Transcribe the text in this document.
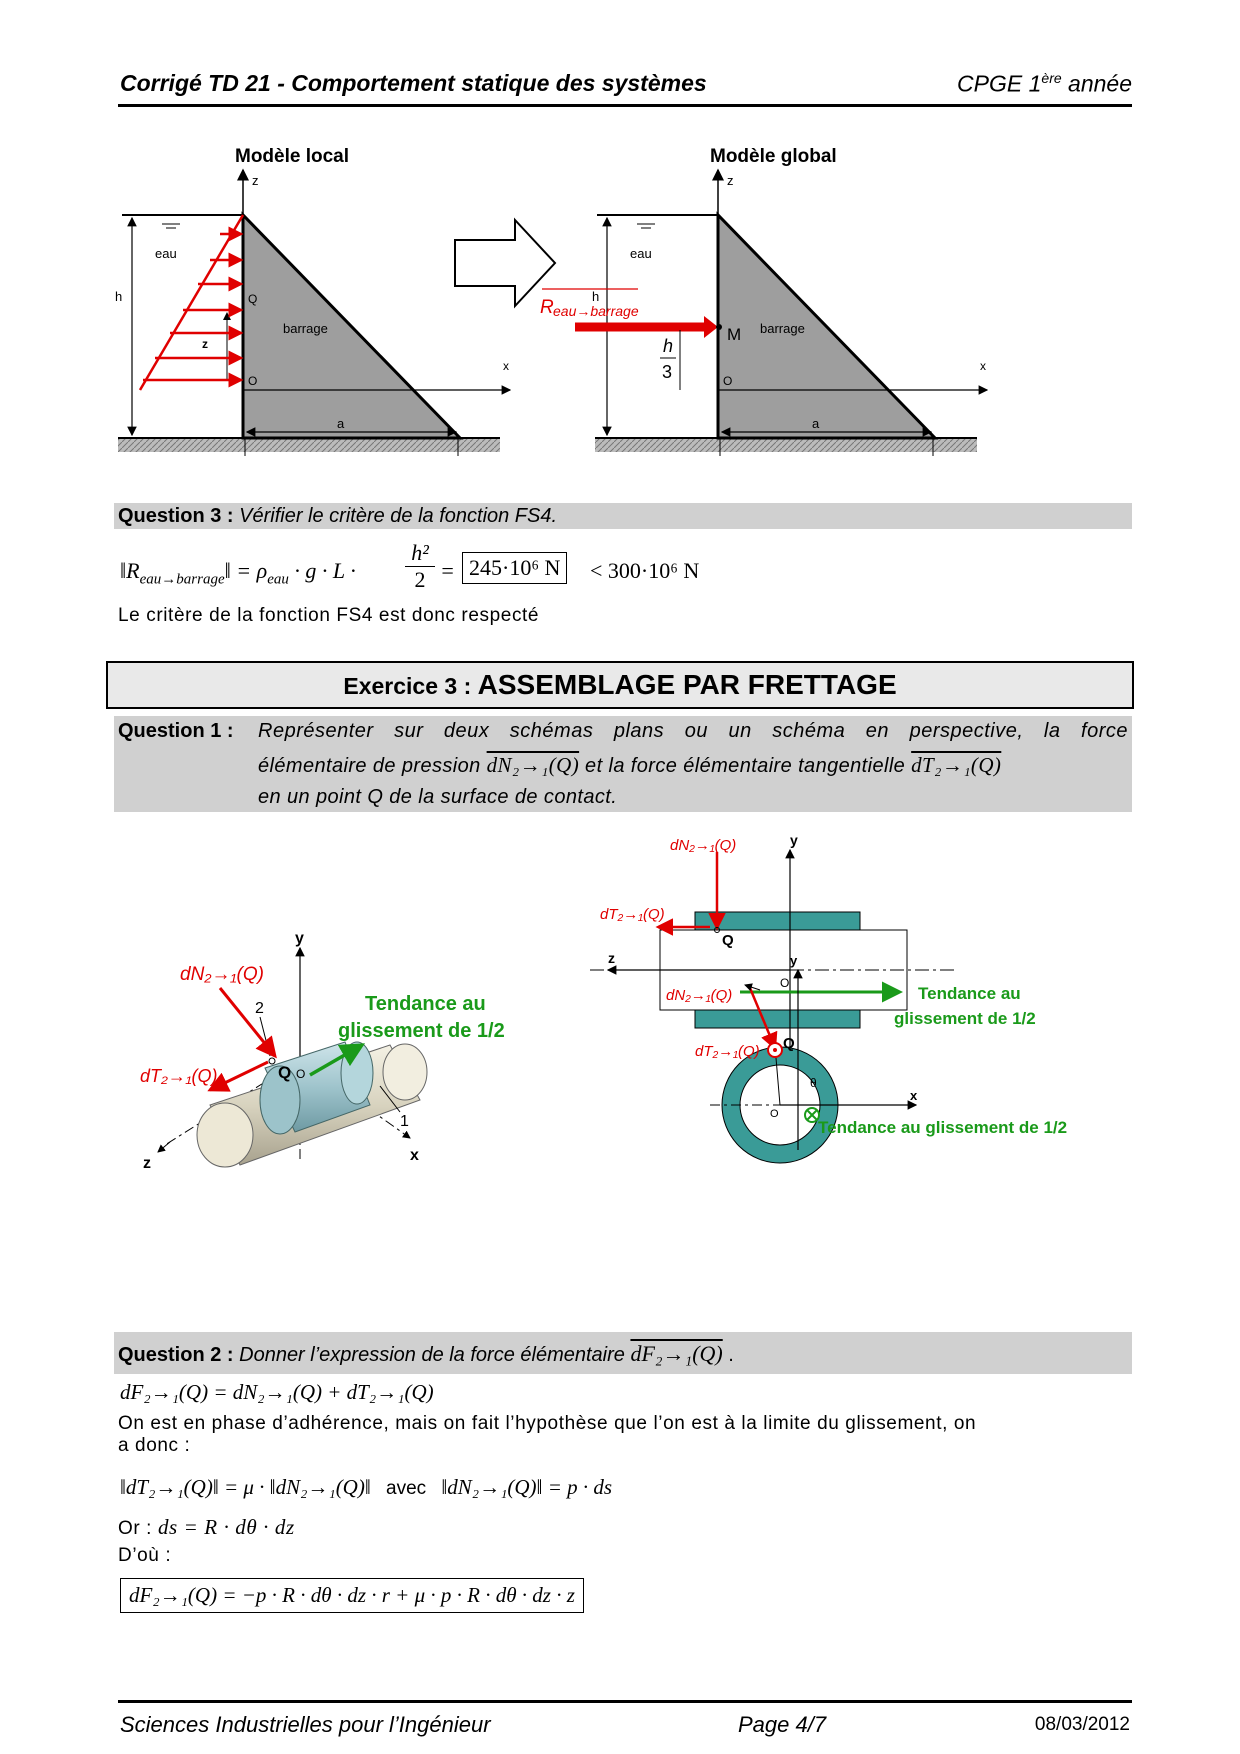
Corrigé TD 21 - Comportement statique des systèmes	CPGE 1ère année
Modèle local
z
eau
barrage
h
a
Q
O
z
x
Modèle global
z
eau
barrage
h
a
O
x
M
R eau→barrage
h
3
Question 3 : Vérifier le critère de la fonction FS4.
$‖R_{eau\to barrage}‖ = \rho_{eau} \cdot g \cdot L$ ·
h²
2 = 245·10⁶ N	< 300·10⁶ N
Le critère de la fonction FS4 est donc respecté
Exercice 3 : ASSEMBLAGE PAR FRETTAGE
Question 1 : Représenter sur deux schémas plans ou un schéma en perspective, la force
élémentaire de pression dN₂→₁(Q) et la force élémentaire tangentielle dT₂→₁(Q)
en un point Q de la surface de contact.
y
z
O
dN₂→₁(Q)
dT₂→₁(Q)
Q
Tendance au
glissement de 1/2
y
x
z
2
1
dN₂→₁(Q)
dT₂→₁(Q)	Q O
Tendance au
glissement de 1/2
x
y
θ
O
dN₂→₁(Q)
dT₂→₁(Q) Q
Tendance au glissement de 1/2
Question 2 : Donner l’expression de la force élémentaire dF₂→₁(Q) .
dF₂→₁(Q) = dN₂→₁(Q) + dT₂→₁(Q)
On est en phase d’adhérence, mais on fait l’hypothèse que l’on est à la limite du glissement, on
a donc :
‖dT₂→₁(Q)‖ = μ · ‖dN₂→₁(Q)‖ avec ‖dN₂→₁(Q)‖ = p · ds
Or : ds = R · dθ · dz
D’où :
dF₂→₁(Q) = −p · R · dθ · dz · r + μ · p · R · dθ · dz · z
Sciences Industrielles pour l’Ingénieur	Page 4/7	08/03/2012
